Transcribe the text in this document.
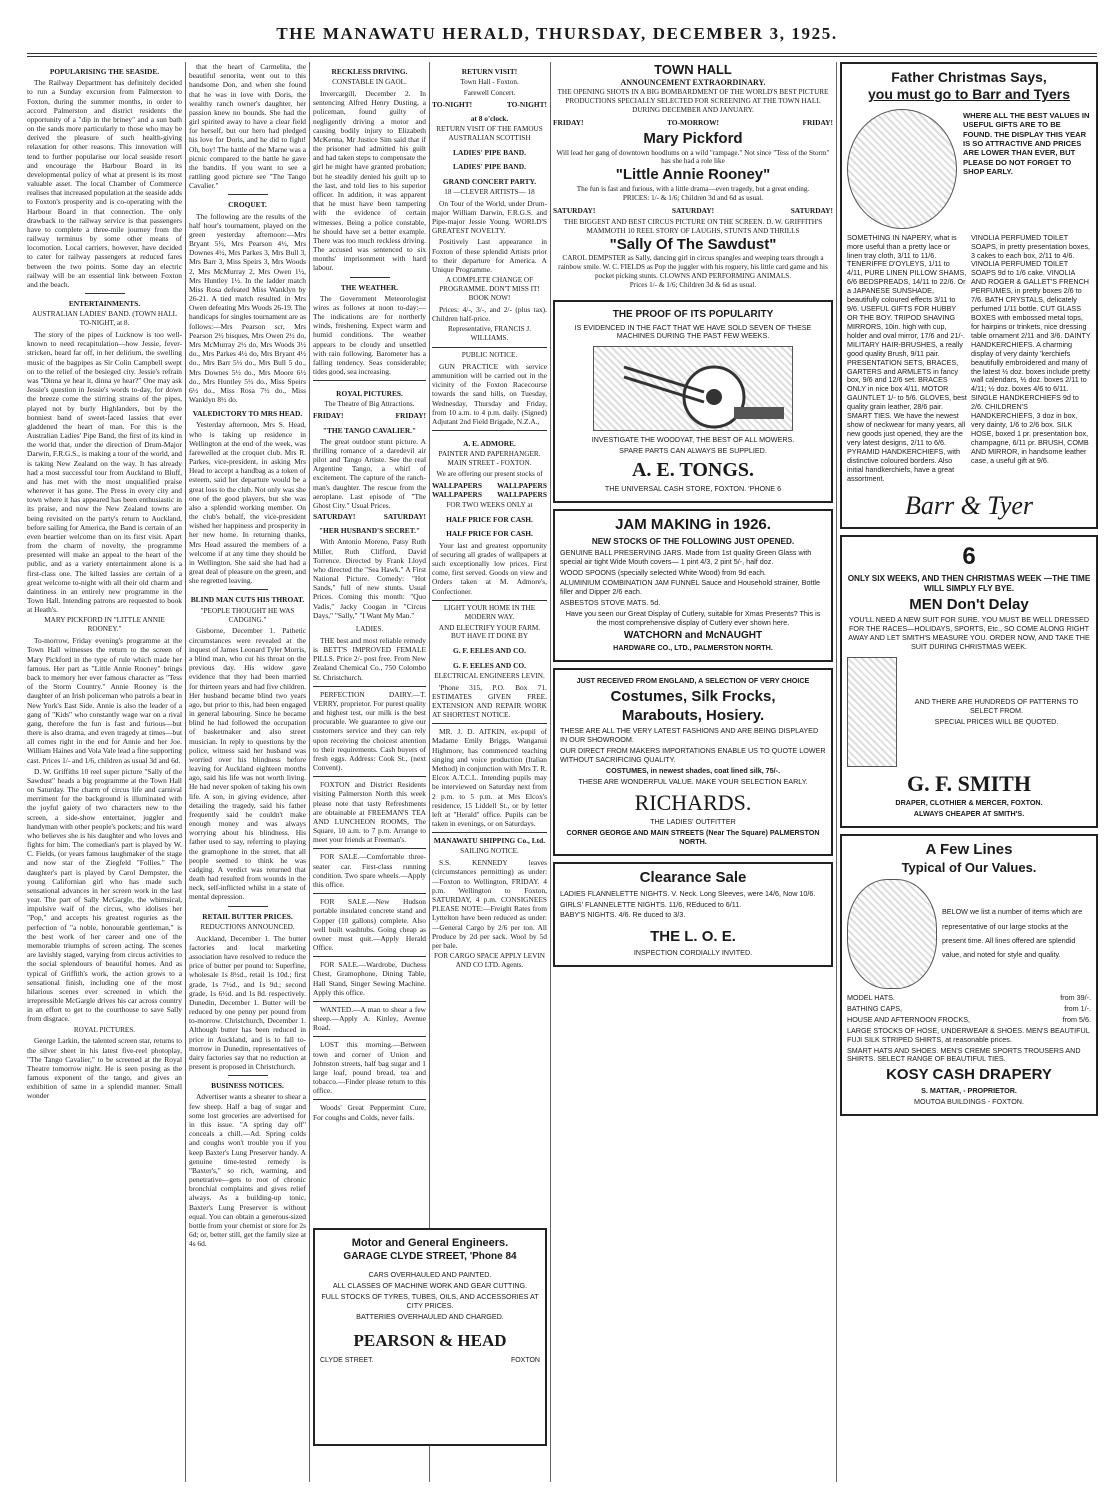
THE MANAWATU HERALD, THURSDAY, DECEMBER 3, 1925.
POPULARISING THE SEASIDE.

The Railway Department has definitely decided to run a Sunday excursion from Palmerston to Foxton, during the summer months, in order to accord Palmerston and district residents the opportunity of a "dip in the briney" and a sun bath on the sands more particularly to those who may be derived the pleasure of such health-giving relaxation for other reasons. This innovation will tend to further popularise our local seaside resort and encourage the Harbour Board in its developmental policy of what at present is its most valuable asset. The local Chamber of Commerce realises that increased population at the seaside adds to Foxton's prosperity and is co-operating with the Harbour Board in that connection. The only drawback to the railway service is that passengers have to complete a three-mile journey from the railway terminus by some other means of locomotion. Local carriers, however, have decided to cater for railway passengers at reduced fares between the two points. Some day an electric railway will be an essential link between Foxton and the beach.

ENTERTAINMENTS.
AUSTRALIAN LADIES' BAND. (TOWN HALL TO-NIGHT, at 8.

The story of the pipes of Lucknow is too well-known to need recapitulation—how Jessie, fever-stricken, heard far off, in her delirium, the swelling music of the bagpipes as Sir Colin Campbell swept on to the relief of the besieged city. Jessie's refrain was "Dinna ye hear it, dinna ye hear?" One may ask Jessie's question in Jessie's words to-day, for down the breeze come the stirring strains of the pipes, played not by burly Highlanders, but by the bonniest band of sweet-faced lassies that ever gladdened the heart of man. For this is the Australian Ladies' Pipe Band, the first of its kind in the world that, under the direction of Drum-Major Darwin, F.R.G.S., is making a tour of the world, and is taking New Zealand on the way. It has already had a most successful tour from Auckland to Bluff, and has met with the most unqualified praise wherever it has gone. The Press in every city and town where it has appeared has been enthusiastic in its praise, and now the New Zealand towns are being revisited on the party's return to Auckland, before sailing for America, the Band is certain of an even heartier welcome than on its first visit. Apart from the charm of novelty, the programme presented will make an appeal to the heart of the public, and as a variety entertainment alone is a first-class one. The kilted lassies are certain of a great welcome to-night with all their old charm and daintiness in an entirely new programme in the Town Hall. Intending patrons are requested to book at Heath's.

MARY PICKFORD IN "LITTLE ANNIE ROONEY."

To-morrow, Friday evening's programme at the Town Hall witnesses the return to the screen of Mary Pickford in the type of rule which made her famous. Her part as "Little Annie Rooney" brings back to memory her ever famous character as "Tess of the Storm Country." Annie Rooney is the daughter of an Irish policeman who patrols a beat in New York's East Side. Annie is also the leader of a gang of "Kids" who constantly wage war on a rival gang, therefore the fun is fast and furious—but there is also drama, and even tragedy at times—but all comes right in the end for Annie and her Joe. William Haines and Vola Vale lead a fine supporting cast. Prices 1/- and 1/6, children as usual 3d and 6d.

D. W. Griffiths 10 reel super picture "Sally of the Sawdust" heads a big programme at the Town Hall on Saturday. The charm of circus life and carnival merriment for the background is illuminated with the joyful gaiety of two characters new to the screen, a side-show entertainer, juggler and handyman with other people's pockets; and his ward who believes she is his daughter and who loves and fights for him. The comedian's part is played by W. C. Fields, (or years famous laughmaker of the stage and now star of the Ziegfeld "Follies." The daughter's part is played by Carol Dempster, the young Californian girl who has made such sensational advances in her screen work in the last year. The part of Sally McGargle, the whimsical, impulsive waif of the circus, who idolises her "Pop," and accepts his greatest roguries as the perfection of "a noble, honourable gentleman," is the best work of her career and one of the memorable triumphs of screen acting. The scenes are lavishly staged, varying from circus activities to the social splendours of beautiful homes. And as typical of Griffith's work, the action grows to a sensational finish, including one of the most hilarious scenes ever screened in which the irrepressible McGargle drives his car across country in an effort to get to the courthouse to save Sally from disgrace.

ROYAL PICTURES.

George Larkin, the talented screen star, returns to the silver sheet in his latest five-reel photoplay, "The Tango Cavalier," to be screened at the Royal Theatre tomorrow night. He is seen posing as the famous exponent of the tango, and gives an exhibition of same in a splendid manner. Small wonder

that the heart of Carmelita, the beautiful senorita, went out to this handsome Don, and when she found that he was in love with Doris, the wealthy ranch owner's daughter, her passion knew no bounds. She had the girl spirited away to have a clear field for herself, but our hero had pledged his love for Doris, and he did to fight! Oh, boy! The battle of the Marne was a picnic compared to the battle he gave the bandits. If you want to see a rattling good picture see "The Tango Cavalier."

CROQUET.

The following are the results of the half hour's tournament, played on the green yesterday afternoon:—Mrs Bryant 5½, Mrs Pearson 4½, Mrs Downes 4½, Mrs Parkes 3, Mrs Bull 3, Mrs Barr 3, Miss Speirs 3, Mrs Woods 2, Mrs McMurray 2, Mrs Owen 1½, Mrs Huntley 1½. In the ladder match Miss Rosa defeated Miss Wanklyn by 26-21. A tied match resulted in Mrs Owen defeating Mrs Woods 26-19. The handicaps for singles tournament are as follows:—Mrs Pearson scr, Mrs Pearson 2½ bisques, Mrs Owen 2½ do, Mrs McMurray 2½ do, Mrs Woods 3½ do., Mrs Parkes 4½ do, Mrs Bryant 4½ do., Mrs Barr 5½ do., Mrs Bull 5 do., Mrs Downes 5½ do., Mrs Moore 6½ do., Mrs Huntley 5½ do., Miss Speirs 6½ do., Miss Rosa 7½ do., Miss Wanklyn 8½ do.

VALEDICTORY TO MRS HEAD.

Yesterday afternoon, Mrs S. Head, who is taking up residence in Wellington at the end of the week, was farewelled at the croquet club. Mrs R. Parkes, vice-president, in asking Mrs Head to accept a handbag as a token of esteem, said her departure would be a great loss to the club. Not only was she one of the good players, but she was also a splendid working member. On the club's behalf, the vice-president wished her happiness and prosperity in her new home. In returning thanks, Mrs Head assured the members of a welcome if at any time they should be in Wellington. She said she had had a great deal of pleasure on the green, and she regretted leaving.

BLIND MAN CUTS HIS THROAT.
"PEOPLE THOUGHT HE WAS CADGING."

Gisborne, December 1. Pathetic circumstances were revealed at the inquest of James Leonard Tyler Morris, a blind man, who cut his throat on the previous day. His widow gave evidence that they had been married for thirteen years and had five children. Her husband became blind two years ago, but prior to this, had been engaged in general labouring. Since he became blind he had followed the occupation of basketmaker and also street musician. In reply to questions by the police, witness said her husband was worried over his blindness before leaving for Auckland eighteen months ago, said his life was not worth living. He had never spoken of taking his own life. A son, in giving evidence, after detailing the tragedy, said his father frequently said he couldn't make enough money and was always worrying about his blindness. His father used to say, referring to playing the gramophone in the street, that all people seemed to think he was cadging. A verdict was returned that death had resulted from wounds in the neck, self-inflicted whilst in a state of mental depression.

RETAIL BUTTER PRICES.
REDUCTIONS ANNOUNCED.

Auckland, December 1. The butter factories and local marketing association have resolved to reduce the price of butter per pound to: Superfine, wholesale 1s 8½d., retail 1s 10d.; first grade, 1s 7½d., and 1s 9d.; second grade, 1s 6½d. and 1s 8d. respectively. Dunedin, December 1. Butter will be reduced by one penny per pound from to-morrow. Christchurch, December 1. Although butter has been reduced in price in Auckland, and is to fall to-morrow in Dunedin, representatives of dairy factories say that no reduction at present is proposed in Christchurch.

BUSINESS NOTICES.

Advertiser wants a shearer to shear a few sheep. Half a bag of sugar and some lost groceries are advertised for in this issue. "A spring day off" conceals a chill.—Ad. Spring colds and coughs won't trouble you if you keep Baxter's Lung Preserver handy. A genuine time-tested remedy is "Baxter's," so rich, warming, and penetrative—gets to root of chronic bronchial complaints and gives relief always. As a building-up tonic, Baxter's Lung Preserver is without equal. You can obtain a generous-sized bottle from your chemist or store for 2s 6d; or, better still, get the family size at 4s 6d.

RECKLESS DRIVING.
CONSTABLE IN GAOL.

Invercargill, December 2. In sentencing Alfred Henry Dusting, a policeman, found guilty of negligently driving a motor and causing bodily injury to Elizabeth McKenna, Mr Justice Sim said that if the prisoner had admitted his guilt and had taken steps to compensate the girl he might have granted probation; but he steadily denied his guilt up to the last, and told lies to his superior officer. In addition, it was apparent that he must have been tampering with the evidence of certain witnesses. Being a police constable, he should have set a better example. There was too much reckless driving. The accused was sentenced to six months' imprisonment with hard labour.

THE WEATHER.

The Government Meteorologist wires as follows at noon to-day:—The indications are for northerly winds, freshening. Expect warm and humid conditions. The weather appears to be cloudy and unsettled with rain following. Barometer has a falling tendency. Seas considerable; tides good, sea increasing.

ROYAL PICTURES.
The Theatre of Big Attractions.
FRIDAY!	FRIDAY!
"THE TANGO CAVALIER."

The great outdoor stunt picture. A thrilling romance of a daredevil air pilot and Tango Artiste. See the real Argentine Tango, a whirl of excitement. The capture of the ranch-man's daughter. The rescue from the aeroplane. Last episode of "The Ghost City." Usual Prices.

SATURDAY!	SATURDAY!
"HER HUSBAND'S SECRET."

With Antonio Moreno, Patsy Ruth Miller, Ruth Clifford, David Torrence. Directed by Frank Lloyd who directed the "Sea Hawk." A First National Picture. Comedy: "Hot Sands," full of new stunts. Usual Prices. Coming this month: "Quo Vadis," Jacky Coogan in "Circus Days," "Sally," "I Want My Man."

LADIES.

THE best and most reliable remedy is BETT'S IMPROVED FEMALE PILLS. Price 2/- post free. From New Zealand Chemical Co., 750 Colombo St. Christchurch.

PERFECTION DAIRY.—T. VERRY, proprietor. For purest quality and highest test, our milk is the best procurable. We guarantee to give our customers service and they can rely upon receiving the choicest attention to their requirements. Cash buyers of fresh eggs. Address: Cook St., (next Convent).

FOXTON and District Residents visiting Palmerston North this week please note that tasty Refreshments are obtainable at FREEMAN'S TEA AND LUNCHEON ROOMS, The Square, 10 a.m. to 7 p.m. Arrange to meet your friends at Freeman's.

FOR SALE.—Comfortable three-seater car. First-class running condition. Two spare wheels.—Apply this office.

FOR SALE.—New Hudson portable insulated concrete stand and Copper (10 gallons) complete. Also well built washtubs. Going cheap as owner must quit.—Apply Herald Office.

FOR SALE.—Wardrobe, Duchess Chest, Gramophone, Dining Table, Hall Stand, Singer Sewing Machine. Apply this office.

WANTED.—A man to shear a few sheep.—Apply A. Kinley, Avenue Road.

LOST this morning.—Between town and corner of Union and Johnston streets, half bag sugar and 1 large loaf, pound bread, tea and tobacco.—Finder please return to this office.

Woods' Great Peppermint Cure, For coughs and Colds, never fails.

RETURN VISIT!
Town Hall - Foxton.
Farewell Concert.
TO-NIGHT!	TO-NIGHT!
at 8 o'clock.
RETURN VISIT OF THE FAMOUS AUSTRALIAN SCOTTISH
LADIES' PIPE BAND.
LADIES' PIPE BAND.
GRAND CONCERT PARTY.
18 —CLEVER ARTISTS— 18

On Tour of the World, under Drum-major William Darwin, F.R.G.S. and Pipe-major Jessie Young. WORLD'S GREATEST NOVELTY.

Positively Last appearance in Foxton of these splendid Artists prior to their departure for America. A Unique Programme.

A COMPLETE CHANGE OF PROGRAMME. DON'T MISS IT! BOOK NOW!

Prices: 4/-, 3/-, and 2/- (plus tax). Children half-price.

Representative, FRANCIS J. WILLIAMS.
PUBLIC NOTICE.

GUN PRACTICE with service ammunition will be carried out in the vicinity of the Foxton Racecourse towards the sand hills, on Tuesday, Wednesday, Thursday and Friday, from 10 a.m. to 4 p.m. daily. (Signed) Adjutant 2nd Field Brigade, N.Z.A.,

A. E. ADMORE.
PAINTER AND PAPERHANGER. MAIN STREET - FOXTON.
We are offering our present stocks of
WALLPAPERS WALLPAPERS
WALLPAPERS WALLPAPERS
FOR TWO WEEKS ONLY at
HALF PRICE FOR CASH.
HALF PRICE FOR CASH.

Your last and greatest opportunity of securing all grades of wallpapers at such exceptionally low prices. First come, first served. Goods on view and Orders taken at M. Admore's, Confectioner.

LIGHT YOUR HOME IN THE MODERN WAY.
AND ELECTRIFY YOUR FARM. BUT HAVE IT DONE BY
G. F. EELES AND CO.
G. F. EELES AND CO.
ELECTRICAL ENGINEERS LEVIN.

'Phone 315, P.O. Box 71. ESTIMATES GIVEN FREE. EXTENSION AND REPAIR WORK AT SHORTEST NOTICE.

MR. J. D. AITKIN, ex-pupil of Madame Emily Briggs, Wanganui Highmore, has commenced teaching singing and voice production (Italian Method) in conjunction with Mrs T. R. Elcox A.T.C.L. Intending pupils may be interviewed on Saturday next from 2 p.m. to 5 p.m. at Mrs Elcox's residence, 15 Liddell St., or by letter left at "Herald" office. Pupils can be taken in evenings, or on Saturdays.

MANAWATU SHIPPING Co., Ltd.
SAILING NOTICE.

S.S. KENNEDY leaves (circumstances permitting) as under:—Foxton to Wellington, FRIDAY. 4 p.m. Wellington to Foxton, SATURDAY, 4 p.m. CONSIGNEES PLEASE NOTE:—Freight Rates from Lyttelton have been reduced as under:—General Cargo by 2/6 per ton. All Produce by 2d per sack. Wool by 5d per bale.

FOR CARGO SPACE APPLY LEVIN AND CO LTD. Agents.
Motor and General Engineers.
GARAGE CLYDE STREET, 'Phone 84
CARS OVERHAULED AND PAINTED.
ALL CLASSES OF MACHINE WORK AND GEAR CUTTING.
FULL STOCKS OF TYRES, TUBES, OILS, AND ACCESSORIES AT CITY PRICES.
BATTERIES OVERHAULED AND CHARGED.
PEARSON & HEAD
CLYDE STREET.	FOXTON
TOWN HALL
ANNOUNCEMENT EXTRAORDINARY.
THE OPENING SHOTS IN A BIG BOMBARDMENT OF THE WORLD'S BEST PICTURE PRODUCTIONS SPECIALLY SELECTED FOR SCREENING AT THE TOWN HALL DURING DECEMBER AND JANUARY.
FRIDAY!	TO-MORROW!	FRIDAY!
Mary Pickford
Will lead her gang of downtown hoodlums on a wild "rampage." Not since "Tess of the Storm" has she had a role like
"Little Annie Rooney"
The fun is fast and furious, with a little drama—even tragedy, but a great ending.
PRICES: 1/- & 1/6; Children 3d and 6d as usual.
SATURDAY!	SATURDAY!	SATURDAY!
THE BIGGEST AND BEST CIRCUS PICTURE ON THE SCREEN. D. W. GRIFFITH'S MAMMOTH 10 REEL STORY OF LAUGHS, STUNTS AND THRILLS
"Sally Of The Sawdust"
CAROL DEMPSTER as Sally, dancing girl in circus spangles and weeping tears through a rainbow smile. W. C. FIELDS as Pop the juggler with his roguery, his little card game and his pocket picking stunts. CLOWNS AND PERFORMING ANIMALS.
Prices 1/- & 1/6; Children 3d & 6d as usual.
THE PROOF OF ITS POPULARITY
IS EVIDENCED IN THE FACT THAT WE HAVE SOLD SEVEN OF THESE MACHINES DURING THE PAST FEW WEEKS.
INVESTIGATE THE WOODYAT, THE BEST OF ALL MOWERS.
SPARE PARTS CAN ALWAYS BE SUPPLIED.
A. E. TONGS.
THE UNIVERSAL CASH STORE, FOXTON. 'PHONE 6
JAM MAKING in 1926.
NEW STOCKS OF THE FOLLOWING JUST OPENED.
GENUINE BALL PRESERVING JARS. Made from 1st quality Green Glass with special air tight Wide Mouth covers— 1 pint 4/3, 2 pint 5/-, half doz.
WOOD SPOONS (specially selected White Wood) from 9d each.
ALUMINIUM COMBINATION JAM FUNNEL Sauce and Household strainer, Bottle filler and Dipper 2/6 each.
ASBESTOS STOVE MATS. 5d.
Have you seen our Great Display of Cutlery, suitable for Xmas Presents? This is the most comprehensive display of Cutlery ever shown here.
WATCHORN and McNAUGHT
HARDWARE CO., LTD., PALMERSTON NORTH.
JUST RECEIVED FROM ENGLAND, A SELECTION OF VERY CHOICE
Costumes, Silk Frocks,
Marabouts, Hosiery.
THESE ARE ALL THE VERY LATEST FASHIONS AND ARE BEING DISPLAYED IN OUR SHOWROOM.
OUR DIRECT FROM MAKERS IMPORTATIONS ENABLE US TO QUOTE LOWER WITHOUT SACRIFICING QUALITY.
COSTUMES, in newest shades, coat lined silk, 75/-.
THESE ARE WONDERFUL VALUE. MAKE YOUR SELECTION EARLY.
RICHARDS.
THE LADIES' OUTFITTER
CORNER GEORGE AND MAIN STREETS (Near The Square) PALMERSTON NORTH.
Clearance Sale
LADIES FLANNELETTE NIGHTS. V. Neck. Long Sleeves, were 14/6, Now 10/6.
GIRLS' FLANNELETTE NIGHTS. 11/6, REduced to 6/11.
BABY'S NIGHTS. 4/6. Re duced to 3/3.
THE L. O. E.
INSPECTION CORDIALLY INVITED.
Father Christmas Says,
you must go to Barr and Tyers
WHERE ALL THE BEST VALUES IN USEFUL GIFTS ARE TO BE FOUND. THE DISPLAY THIS YEAR IS SO ATTRACTIVE AND PRICES ARE LOWER THAN EVER, BUT PLEASE DO NOT FORGET TO SHOP EARLY.
SOMETHING IN NAPERY, what is more useful than a pretty lace or linen tray cloth, 3/11 to 11/6. TENERIFFE D'OYLEYS, 1/11 to 4/11, PURE LINEN PILLOW SHAMS, 6/6 BEDSPREADS, 14/11 to 22/6. Or a JAPANESE SUNSHADE, beautifully coloured effects 3/11 to 9/6. USEFUL GIFTS FOR HUBBY OR THE BOY. TRIPOD SHAVING MIRRORS, 10in. high with cup, holder and oval mirror, 17/6 and 21/-. MILITARY HAIR-BRUSHES, a really good quality Brush, 9/11 pair. PRESENTATION SETS, BRACES, GARTERS and ARMLETS in fancy box, 9/6 and 12/6 set. BRACES ONLY in nice box 4/11. MOTOR GAUNTLET 1/- to 5/6. GLOVES, best quality grain leather, 28/6 pair. SMART TIES. We have the newest show of neckwear for many years, all new goods just opened, they are the very latest designs, 2/11 to 6/6. PYRAMID HANDKERCHIEFS, with distinctive coloured borders. Also initial handkerchiefs, have a great assortment.
VINOLIA PERFUMED TOILET SOAPS, in pretty presentation boxes, 3 cakes to each box, 2/11 to 4/6. VINOLIA PERFUMED TOILET SOAPS 9d to 1/6 cake. VINOLIA AND ROGER & GALLET'S FRENCH PERFUMES, in pretty boxes 2/6 to 7/6. BATH CRYSTALS, delicately perfumed 1/11 bottle. CUT GLASS BOXES with embossed metal tops, for hairpins or trinkets, nice dressing table ornament 2/11 and 3/6. DAINTY HANDKERCHIEFS. A charming display of very dainty 'kerchiefs beautifully embroidered and many of the latest ½ doz. boxes include pretty wall calendars, ½ doz. boxes 2/11 to 4/11; ½ doz. boxes 4/6 to 6/11. SINGLE HANDKERCHIEFS 9d to 2/6. CHILDREN'S HANDKERCHIEFS, 3 doz in box, very dainty, 1/6 to 2/6 box. SILK HOSE, boxed 1 pr. presentation box, champagne, 6/11 pr. BRUSH, COMB AND MIRROR, in handsome leather case, a useful gift at 9/6.
Barr & Tyer
6
ONLY SIX WEEKS, AND THEN CHRISTMAS WEEK —THE TIME WILL SIMPLY FLY BYE.
MEN Don't Delay
YOU'LL NEED A NEW SUIT FOR SURE. YOU MUST BE WELL DRESSED FOR THE RACES—HOLIDAYS, SPORTS, Etc., SO COME ALONG RIGHT AWAY AND LET SMITH'S MEASURE YOU. ORDER NOW, AND TAKE THE SUIT DURING CHRISTMAS WEEK.
AND THERE ARE HUNDREDS OF PATTERNS TO SELECT FROM.
SPECIAL PRICES WILL BE QUOTED.
G. F. SMITH
DRAPER, CLOTHIER & MERCER, FOXTON.
ALWAYS CHEAPER AT SMITH'S.
A Few Lines
Typical of Our Values.
BELOW we list a number of items which are representative of our large stocks at the present time. All lines offered are splendid value, and noted for style and quality.
MODEL HATS.	from 39/-.
BATHING CAPS,	from 1/-.
HOUSE AND AFTERNOON FROCKS,	from 5/6.
LARGE STOCKS OF HOSE, UNDERWEAR & SHOES. MEN'S BEAUTIFUL FUJI SILK STRIPED SHIRTS, at reasonable prices.
SMART HATS AND SHOES. MEN'S CREME SPORTS TROUSERS AND SHIRTS. SELECT RANGE OF BEAUTIFUL TIES.
KOSY CASH DRAPERY
S. MATTAR, - PROPRIETOR.
MOUTOA BUILDINGS - FOXTON.
